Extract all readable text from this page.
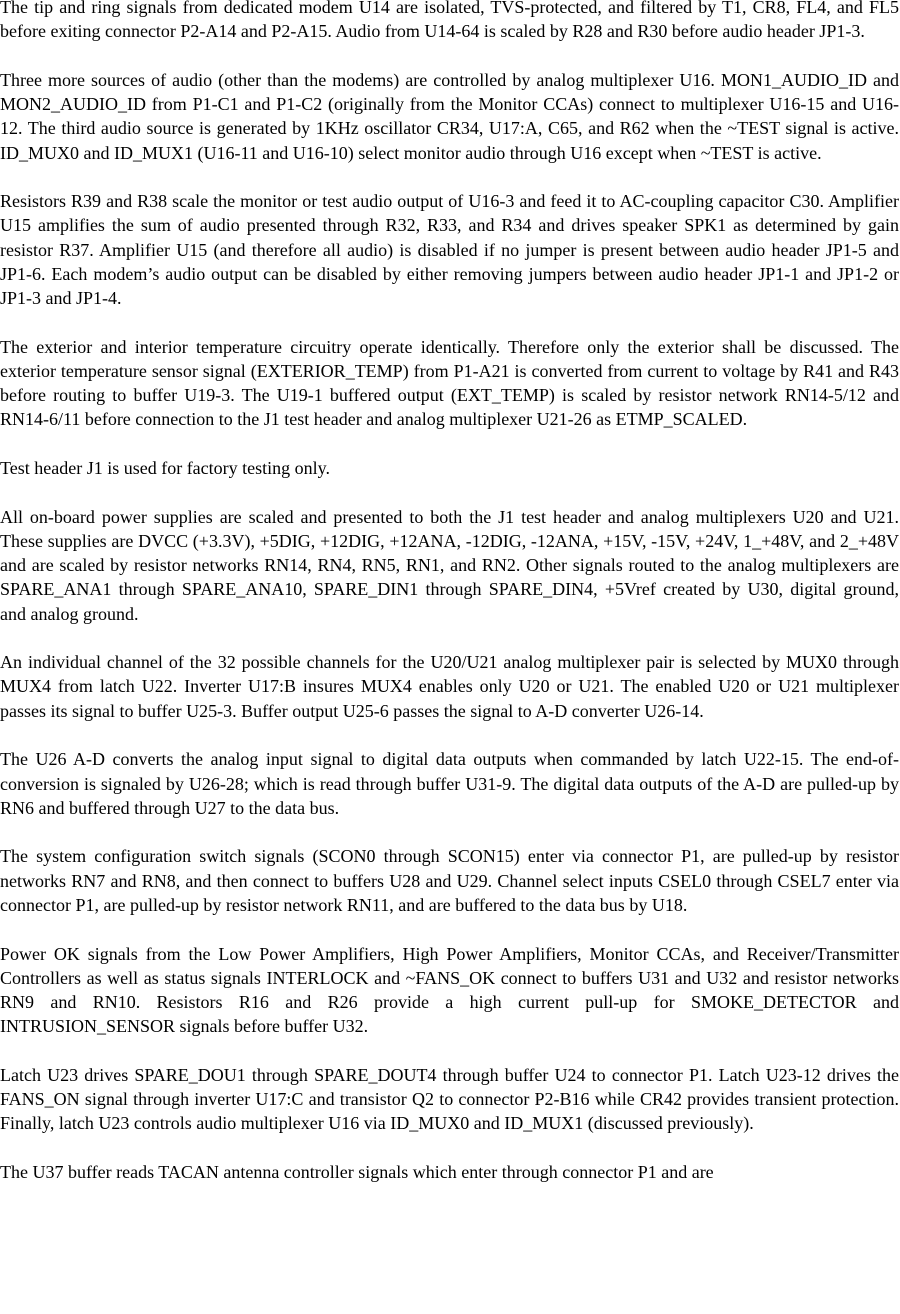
The tip and ring signals from dedicated modem U14 are isolated, TVS-protected, and filtered by T1, CR8, FL4, and FL5 before exiting connector P2-A14 and P2-A15. Audio from U14-64 is scaled by R28 and R30 before audio header JP1-3.

Three more sources of audio (other than the modems) are controlled by analog multiplexer U16. MON1_AUDIO_ID and MON2_AUDIO_ID from P1-C1 and P1-C2 (originally from the Monitor CCAs) connect to multiplexer U16-15 and U16-12. The third audio source is generated by 1KHz oscillator CR34, U17:A, C65, and R62 when the ~TEST signal is active. ID_MUX0 and ID_MUX1 (U16-11 and U16-10) select monitor audio through U16 except when ~TEST is active.

Resistors R39 and R38 scale the monitor or test audio output of U16-3 and feed it to AC-coupling capacitor C30. Amplifier U15 amplifies the sum of audio presented through R32, R33, and R34 and drives speaker SPK1 as determined by gain resistor R37. Amplifier U15 (and therefore all audio) is disabled if no jumper is present between audio header JP1-5 and JP1-6. Each modem’s audio output can be disabled by either removing jumpers between audio header JP1-1 and JP1-2 or JP1-3 and JP1-4.

The exterior and interior temperature circuitry operate identically. Therefore only the exterior shall be discussed. The exterior temperature sensor signal (EXTERIOR_TEMP) from P1-A21 is converted from current to voltage by R41 and R43 before routing to buffer U19-3. The U19-1 buffered output (EXT_TEMP) is scaled by resistor network RN14-5/12 and RN14-6/11 before connection to the J1 test header and analog multiplexer U21-26 as ETMP_SCALED.

Test header J1 is used for factory testing only.

All on-board power supplies are scaled and presented to both the J1 test header and analog multiplexers U20 and U21. These supplies are DVCC (+3.3V), +5DIG, +12DIG, +12ANA, -12DIG, -12ANA, +15V, -15V, +24V, 1_+48V, and 2_+48V and are scaled by resistor networks RN14, RN4, RN5, RN1, and RN2. Other signals routed to the analog multiplexers are SPARE_ANA1 through SPARE_ANA10, SPARE_DIN1 through SPARE_DIN4, +5Vref created by U30, digital ground, and analog ground.

An individual channel of the 32 possible channels for the U20/U21 analog multiplexer pair is selected by MUX0 through MUX4 from latch U22. Inverter U17:B insures MUX4 enables only U20 or U21. The enabled U20 or U21 multiplexer passes its signal to buffer U25-3. Buffer output U25-6 passes the signal to A-D converter U26-14.

The U26 A-D converts the analog input signal to digital data outputs when commanded by latch U22-15. The end-of-conversion is signaled by U26-28; which is read through buffer U31-9. The digital data outputs of the A-D are pulled-up by RN6 and buffered through U27 to the data bus.

The system configuration switch signals (SCON0 through SCON15) enter via connector P1, are pulled-up by resistor networks RN7 and RN8, and then connect to buffers U28 and U29. Channel select inputs CSEL0 through CSEL7 enter via connector P1, are pulled-up by resistor network RN11, and are buffered to the data bus by U18.

Power OK signals from the Low Power Amplifiers, High Power Amplifiers, Monitor CCAs, and Receiver/Transmitter Controllers as well as status signals INTERLOCK and ~FANS_OK connect to buffers U31 and U32 and resistor networks RN9 and RN10. Resistors R16 and R26 provide a high current pull-up for SMOKE_DETECTOR and INTRUSION_SENSOR signals before buffer U32.

Latch U23 drives SPARE_DOU1 through SPARE_DOUT4 through buffer U24 to connector P1. Latch U23-12 drives the FANS_ON signal through inverter U17:C and transistor Q2 to connector P2-B16 while CR42 provides transient protection. Finally, latch U23 controls audio multiplexer U16 via ID_MUX0 and ID_MUX1 (discussed previously).

The U37 buffer reads TACAN antenna controller signals which enter through connector P1 and are
